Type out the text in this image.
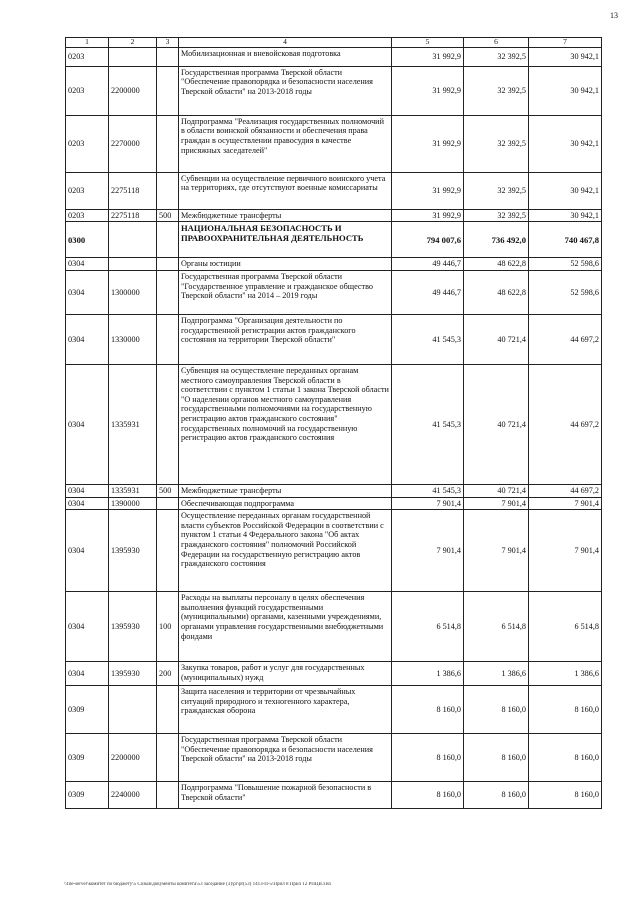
13
1	2	3	4	5	6	7
0203			Мобилизационная и вневойсковая подготовка	31 992,9	32 392,5	30 942,1
0203	2200000		Государственная программа Тверской области "Обеспечение правопорядка и безопасности населения Тверской области" на 2013-2018 годы	31 992,9	32 392,5	30 942,1
0203	2270000		Подпрограмма "Реализация государственных полномочий в области воинской обязанности и обеспечения права граждан в осуществлении правосудия в качестве присяжных заседателей"	31 992,9	32 392,5	30 942,1
0203	2275118		Субвенции на осуществление первичного воинского учета на территориях, где отсутствуют военные комиссариаты	31 992,9	32 392,5	30 942,1
0203	2275118	500	Межбюджетные трансферты	31 992,9	32 392,5	30 942,1
0300			НАЦИОНАЛЬНАЯ БЕЗОПАСНОСТЬ И ПРАВООХРАНИТЕЛЬНАЯ ДЕЯТЕЛЬНОСТЬ	794 007,6	736 492,0	740 467,8
0304			Органы юстиции	49 446,7	48 622,8	52 598,6
0304	1300000		Государственная программа Тверской области "Государственное управление и гражданское общество Тверской области" на 2014 – 2019 годы	49 446,7	48 622,8	52 598,6
0304	1330000		Подпрограмма "Организация деятельности по государственной регистрации актов гражданского состояния на территории Тверской области"	41 545,3	40 721,4	44 697,2
0304	1335931		Субвенция на осуществление переданных органам местного самоуправления Тверской области в соответствии с пунктом 1 статьи 1 закона Тверской области "О наделении органов местного самоуправления государственными полномочиями на государственную регистрацию актов гражданского состояния" государственных полномочий на государственную регистрацию актов гражданского состояния	41 545,3	40 721,4	44 697,2
0304	1335931	500	Межбюджетные трансферты	41 545,3	40 721,4	44 697,2
0304	1390000		Обеспечивающая подпрограмма	7 901,4	7 901,4	7 901,4
0304	1395930		Осуществление переданных органам государственной власти субъектов Российской Федерации в соответствии с пунктом 1 статьи 4 Федерального закона "Об актах гражданского состояния" полномочий Российской Федерации на государственную регистрацию актов гражданского состояния	7 901,4	7 901,4	7 901,4
0304	1395930	100	Расходы на выплаты персоналу в целях обеспечения выполнения функций государственными (муниципальными) органами, казенными учреждениями, органами управления государственными внебюджетными фондами	6 514,8	6 514,8	6 514,8
0304	1395930	200	Закупка товаров, работ и услуг для государственных (муниципальных) нужд	1 386,6	1 386,6	1 386,6
0309			Защита населения и территории от чрезвычайных ситуаций природного и техногенного характера, гражданская оборона	8 160,0	8 160,0	8 160,0
0309	2200000		Государственная программа Тверской области "Обеспечение правопорядка и безопасности населения Тверской области" на 2013-2018 годы	8 160,0	8 160,0	8 160,0
0309	2240000		Подпрограмма "Повышение пожарной безопасности в Тверской области"	8 160,0	8 160,0	8 160,0
\\file-server\комитет по бюджету\5 Созыв\документы комитета\53 заседание (3)\pr\pr(53) 1413-П-5\Прил 8 Прил 12 РПЦВ.xlsx
